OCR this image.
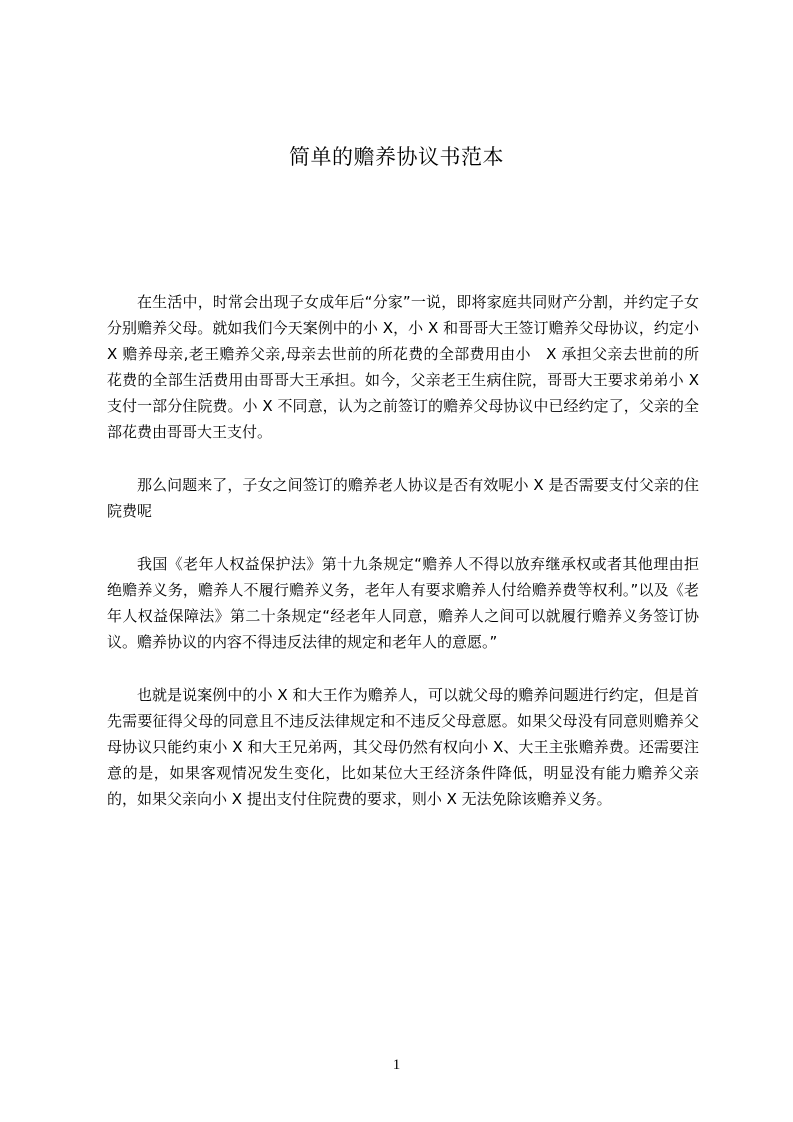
简单的赡养协议书范本

在生活中，时常会出现子女成年后“分家”一说，即将家庭共同财产分割，并约定子女分别赡养父母。就如我们今天案例中的小 X，小 X 和哥哥大王签订赡养父母协议，约定小 X 赡养母亲,老王赡养父亲,母亲去世前的所花费的全部费用由小　X 承担父亲去世前的所花费的全部生活费用由哥哥大王承担。如今，父亲老王生病住院，哥哥大王要求弟弟小 X 支付一部分住院费。小 X 不同意，认为之前签订的赡养父母协议中已经约定了，父亲的全部花费由哥哥大王支付。

那么问题来了，子女之间签订的赡养老人协议是否有效呢小 X 是否需要支付父亲的住院费呢

我国《老年人权益保护法》第十九条规定“赡养人不得以放弃继承权或者其他理由拒绝赡养义务，赡养人不履行赡养义务，老年人有要求赡养人付给赡养费等权利。”以及《老年人权益保障法》第二十条规定“经老年人同意，赡养人之间可以就履行赡养义务签订协议。赡养协议的内容不得违反法律的规定和老年人的意愿。”

也就是说案例中的小 X 和大王作为赡养人，可以就父母的赡养问题进行约定，但是首先需要征得父母的同意且不违反法律规定和不违反父母意愿。如果父母没有同意则赡养父母协议只能约束小 X 和大王兄弟两，其父母仍然有权向小 X、大王主张赡养费。还需要注意的是，如果客观情况发生变化，比如某位大王经济条件降低，明显没有能力赡养父亲的，如果父亲向小 X 提出支付住院费的要求，则小 X 无法免除该赡养义务。

1
